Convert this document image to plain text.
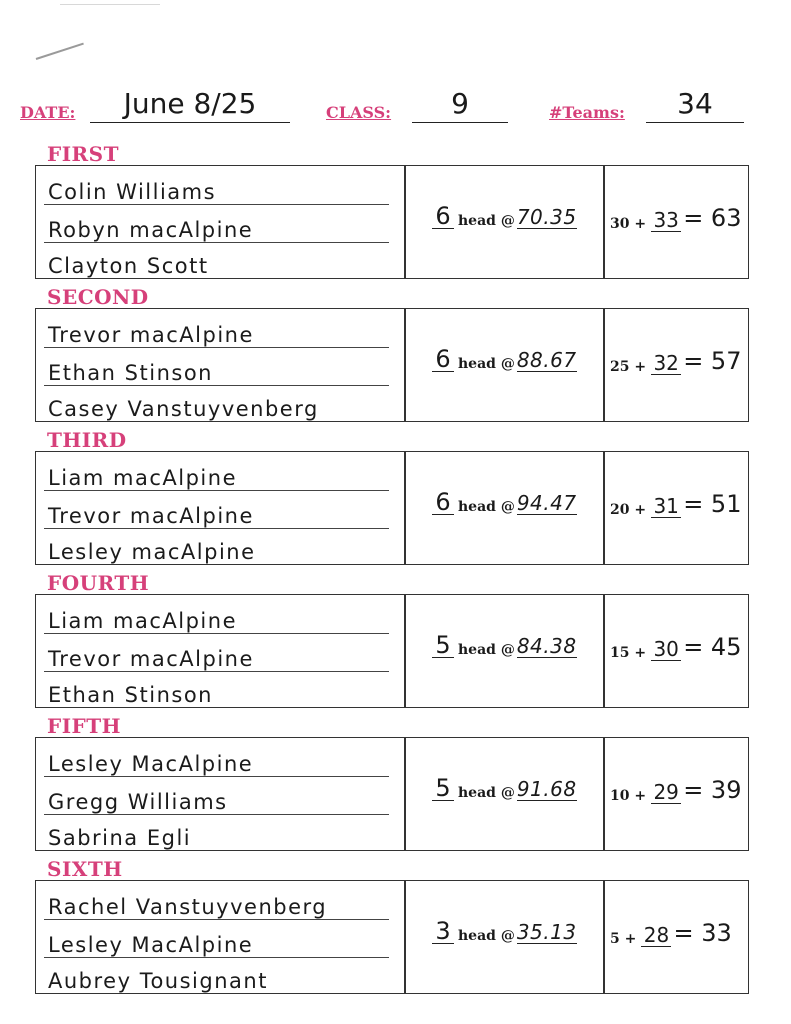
DATE:	June 8/25	CLASS:	9	#Teams:	34
FIRST
Colin Williams
Robyn macAlpine
Clayton Scott
6 head @ 70.35	30 + 33 = 63
SECOND
Trevor macAlpine
Ethan Stinson
Casey Vanstuyvenberg
6 head @ 88.67	25 + 32 = 57
THIRD
Liam macAlpine
Trevor macAlpine
Lesley macAlpine
6 head @ 94.47	20 + 31 = 51
FOURTH
Liam macAlpine
Trevor macAlpine
Ethan Stinson
5 head @ 84.38	15 + 30 = 45
FIFTH
Lesley MacAlpine
Gregg Williams
Sabrina Egli
5 head @ 91.68	10 + 29 = 39
SIXTH
Rachel Vanstuyvenberg
Lesley MacAlpine
Aubrey Tousignant
3 head @ 35.13	5 + 28 = 33
